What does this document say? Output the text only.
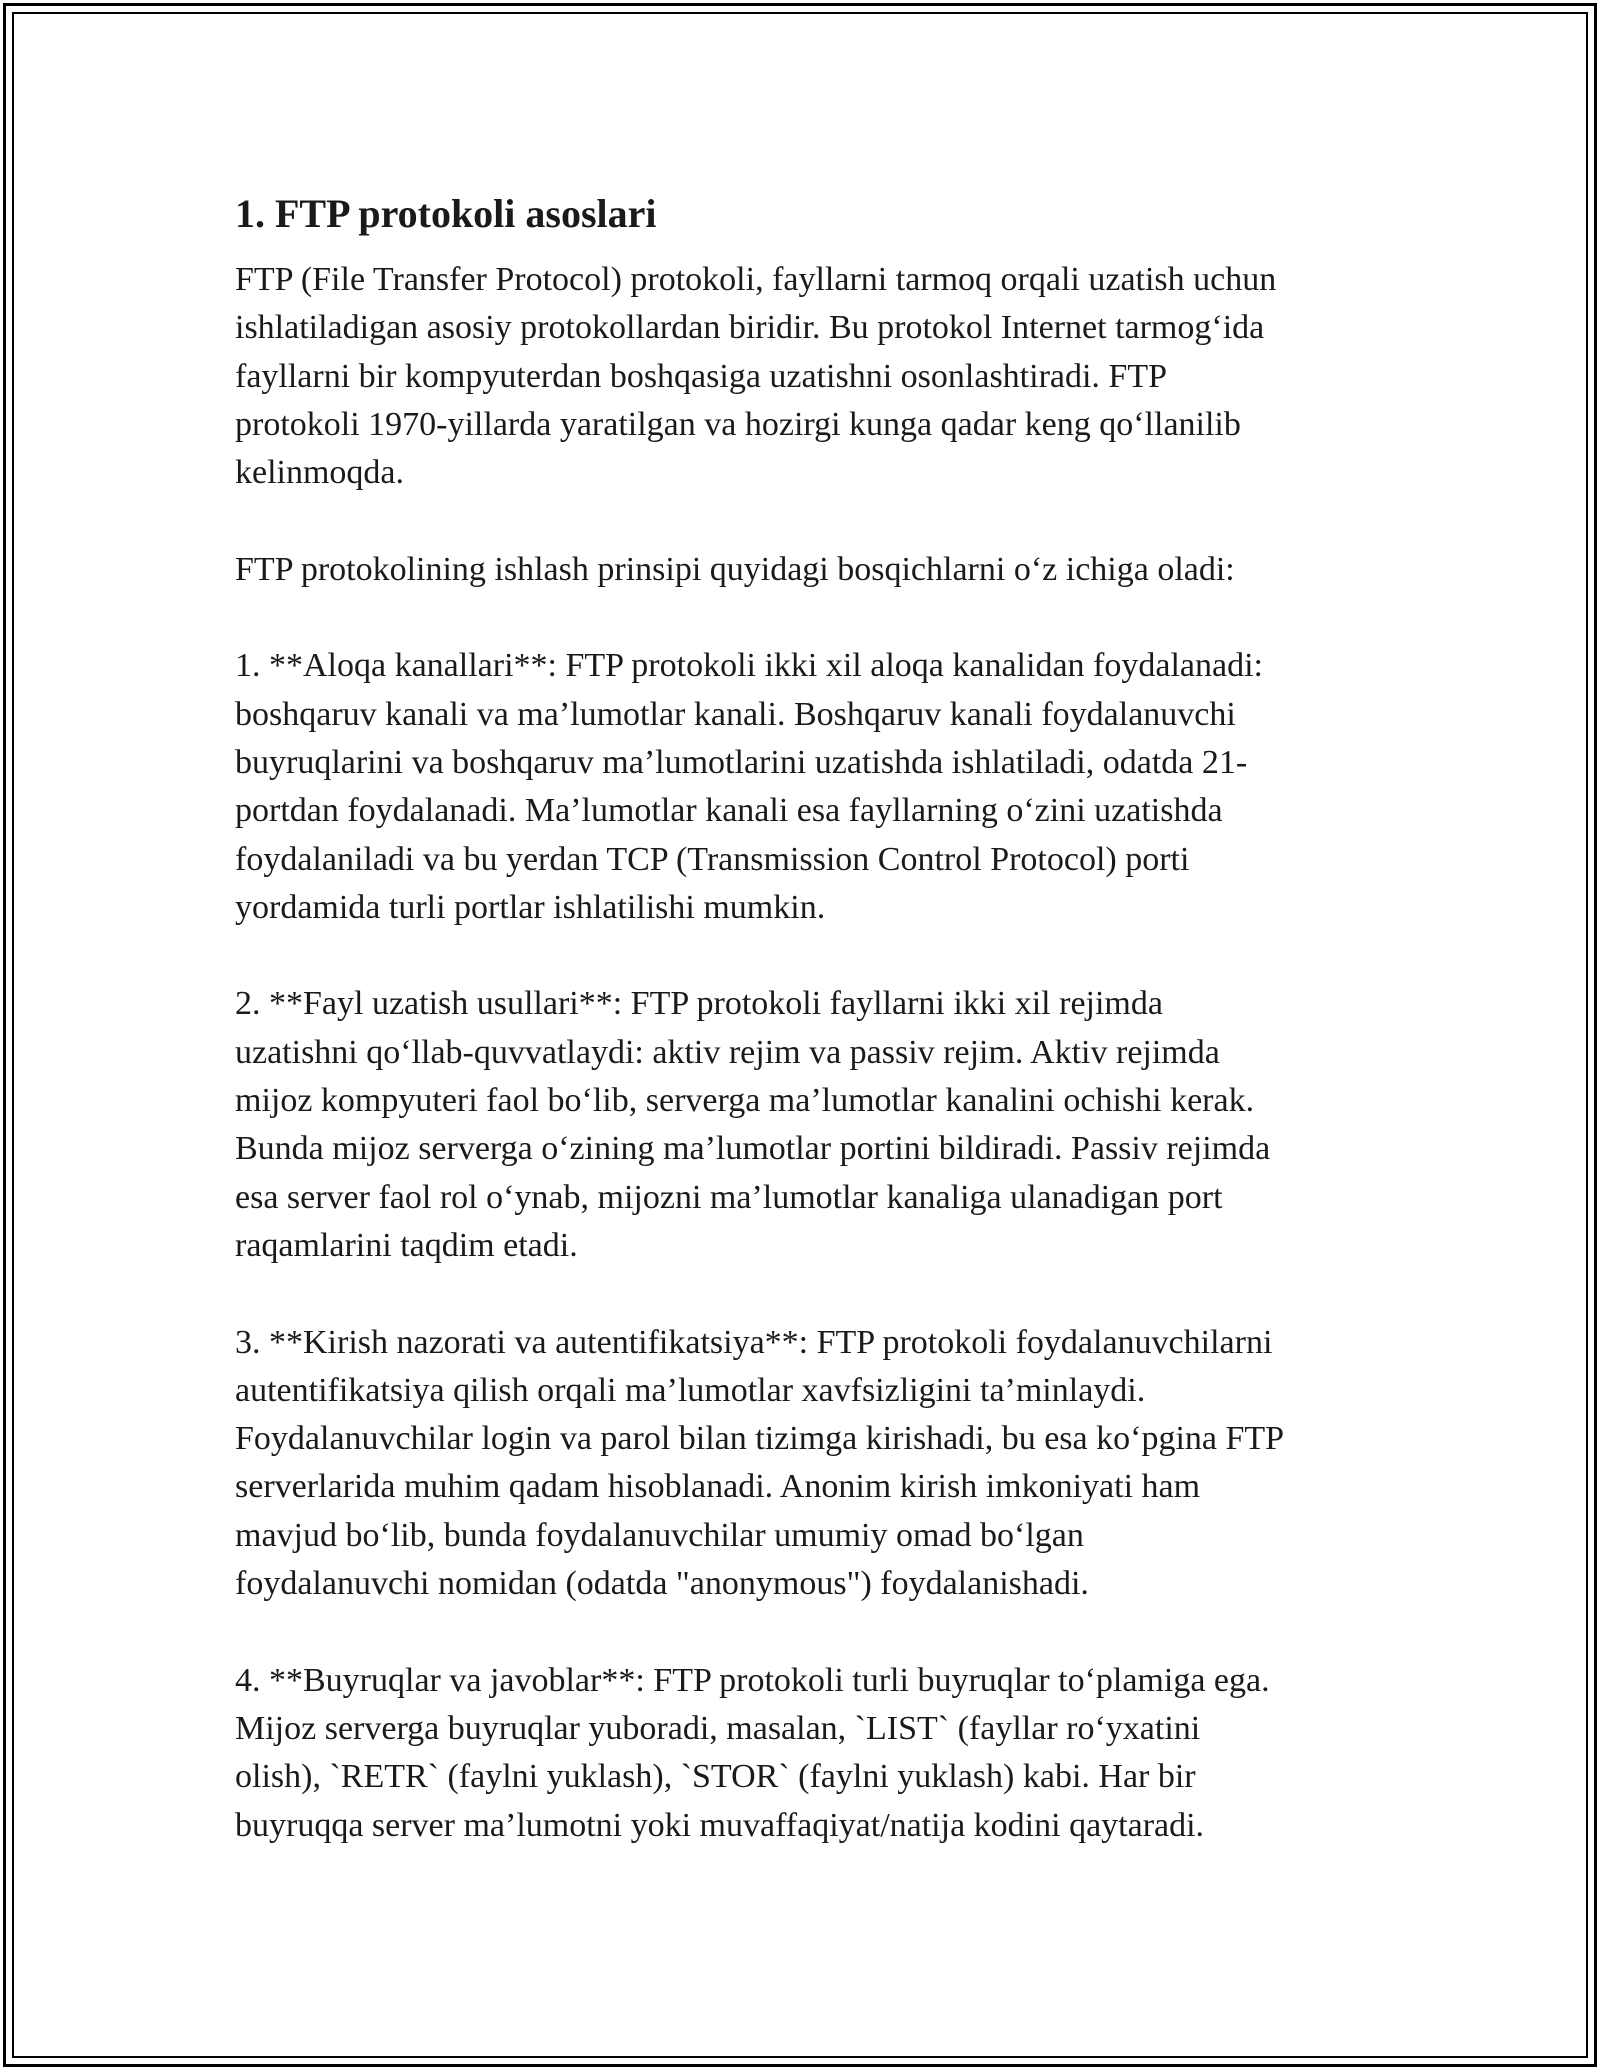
1. FTP protokoli asoslari

FTP (File Transfer Protocol) protokoli, fayllarni tarmoq orqali uzatish uchun
ishlatiladigan asosiy protokollardan biridir. Bu protokol Internet tarmog‘ida
fayllarni bir kompyuterdan boshqasiga uzatishni osonlashtiradi. FTP
protokoli 1970-yillarda yaratilgan va hozirgi kunga qadar keng qo‘llanilib
kelinmoqda.

FTP protokolining ishlash prinsipi quyidagi bosqichlarni o‘z ichiga oladi:

1. **Aloqa kanallari**: FTP protokoli ikki xil aloqa kanalidan foydalanadi:
boshqaruv kanali va ma’lumotlar kanali. Boshqaruv kanali foydalanuvchi
buyruqlarini va boshqaruv ma’lumotlarini uzatishda ishlatiladi, odatda 21-
portdan foydalanadi. Ma’lumotlar kanali esa fayllarning o‘zini uzatishda
foydalaniladi va bu yerdan TCP (Transmission Control Protocol) porti
yordamida turli portlar ishlatilishi mumkin.

2. **Fayl uzatish usullari**: FTP protokoli fayllarni ikki xil rejimda
uzatishni qo‘llab-quvvatlaydi: aktiv rejim va passiv rejim. Aktiv rejimda
mijoz kompyuteri faol bo‘lib, serverga ma’lumotlar kanalini ochishi kerak.
Bunda mijoz serverga o‘zining ma’lumotlar portini bildiradi. Passiv rejimda
esa server faol rol o‘ynab, mijozni ma’lumotlar kanaliga ulanadigan port
raqamlarini taqdim etadi.

3. **Kirish nazorati va autentifikatsiya**: FTP protokoli foydalanuvchilarni
autentifikatsiya qilish orqali ma’lumotlar xavfsizligini ta’minlaydi.
Foydalanuvchilar login va parol bilan tizimga kirishadi, bu esa ko‘pgina FTP
serverlarida muhim qadam hisoblanadi. Anonim kirish imkoniyati ham
mavjud bo‘lib, bunda foydalanuvchilar umumiy omad bo‘lgan
foydalanuvchi nomidan (odatda "anonymous") foydalanishadi.

4. **Buyruqlar va javoblar**: FTP protokoli turli buyruqlar to‘plamiga ega.
Mijoz serverga buyruqlar yuboradi, masalan, `LIST` (fayllar ro‘yxatini
olish), `RETR` (faylni yuklash), `STOR` (faylni yuklash) kabi. Har bir
buyruqqa server ma’lumotni yoki muvaffaqiyat/natija kodini qaytaradi.
